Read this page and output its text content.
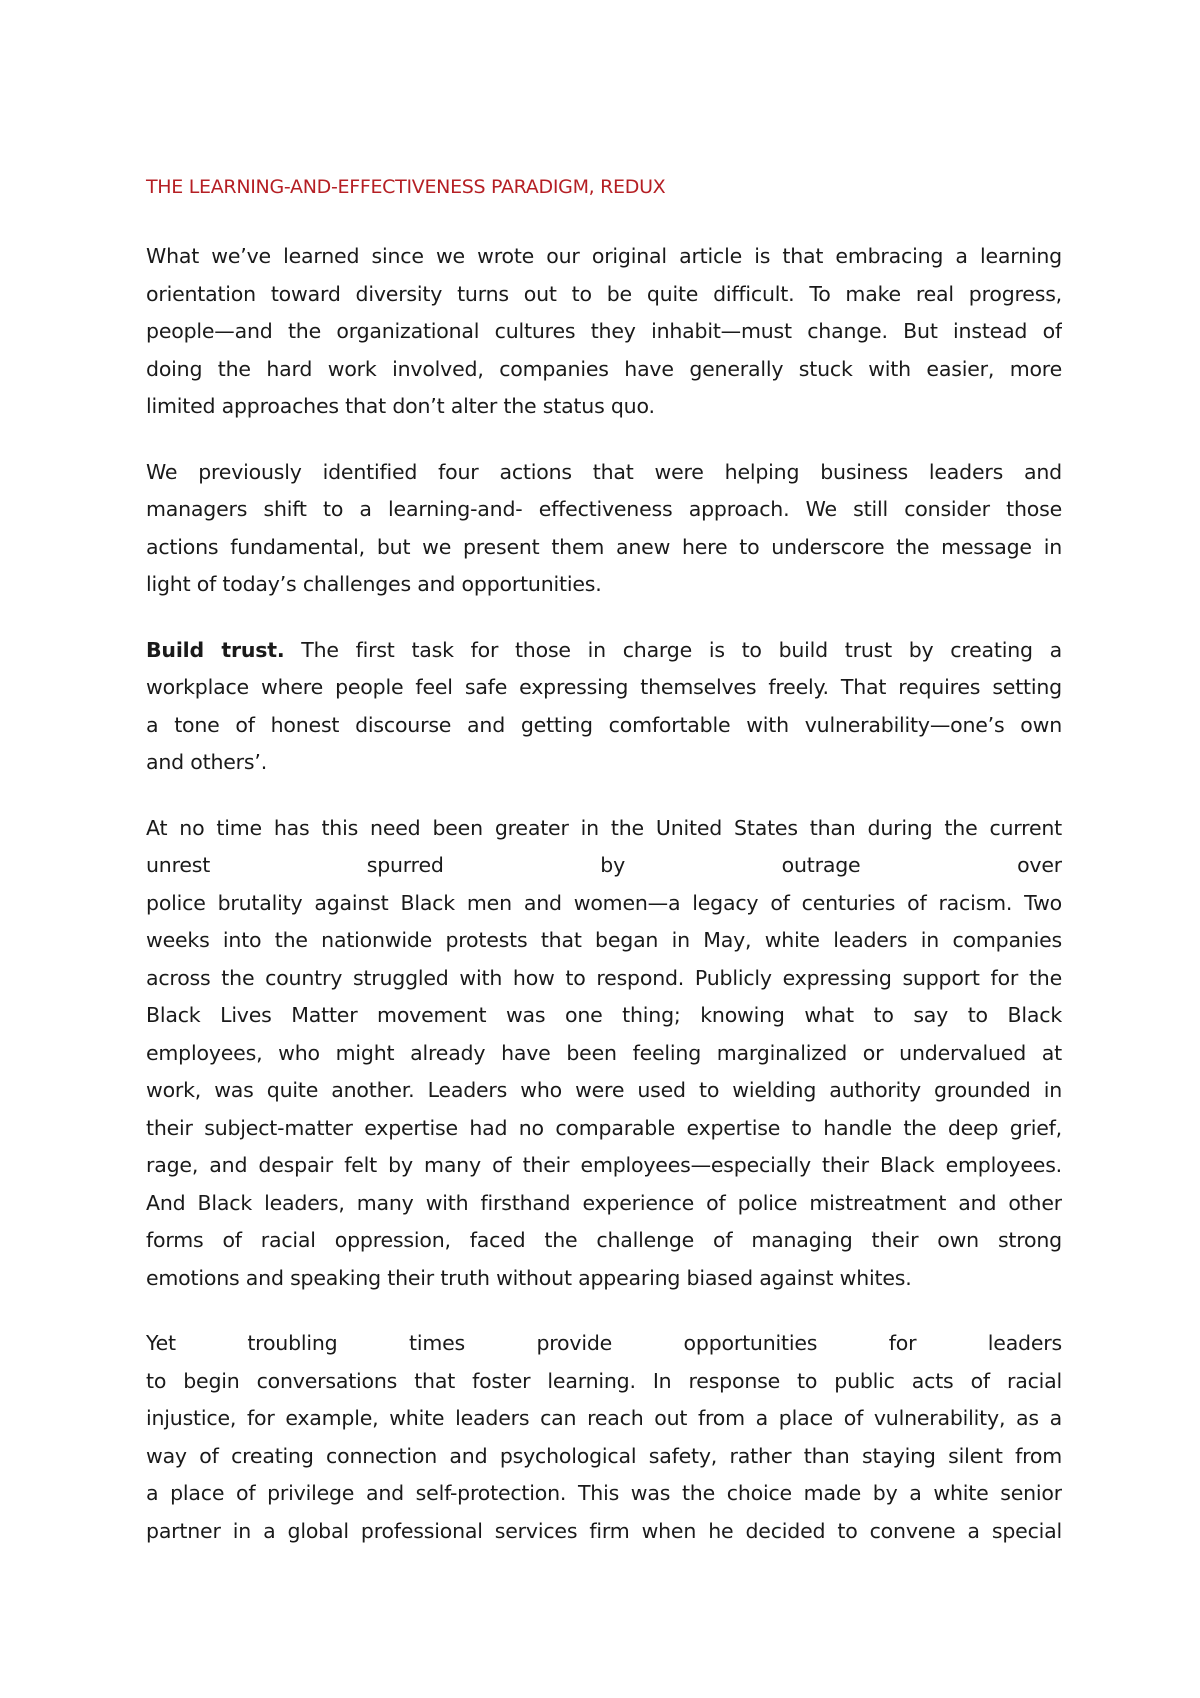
THE LEARNING-AND-EFFECTIVENESS PARADIGM, REDUX
What we’ve learned since we wrote our original article is that embracing a learning
orientation toward diversity turns out to be quite difficult. To make real progress,
people—and the organizational cultures they inhabit—must change. But instead of
doing the hard work involved, companies have generally stuck with easier, more
limited approaches that don’t alter the status quo.
We previously identified four actions that were helping business leaders and
managers shift to a learning-and- effectiveness approach. We still consider those
actions fundamental, but we present them anew here to underscore the message in
light of today’s challenges and opportunities.
Build trust. The first task for those in charge is to build trust by creating a
workplace where people feel safe expressing themselves freely. That requires setting
a tone of honest discourse and getting comfortable with vulnerability—one’s own
and others’.
At no time has this need been greater in the United States than during the current
unrest spurred by outrage over
police brutality against Black men and women—a legacy of centuries of racism. Two
weeks into the nationwide protests that began in May, white leaders in companies
across the country struggled with how to respond. Publicly expressing support for the
Black Lives Matter movement was one thing; knowing what to say to Black
employees, who might already have been feeling marginalized or undervalued at
work, was quite another. Leaders who were used to wielding authority grounded in
their subject-matter expertise had no comparable expertise to handle the deep grief,
rage, and despair felt by many of their employees—especially their Black employees.
And Black leaders, many with firsthand experience of police mistreatment and other
forms of racial oppression, faced the challenge of managing their own strong
emotions and speaking their truth without appearing biased against whites.
Yet troubling times provide opportunities for leaders
to begin conversations that foster learning. In response to public acts of racial
injustice, for example, white leaders can reach out from a place of vulnerability, as a
way of creating connection and psychological safety, rather than staying silent from
a place of privilege and self-protection. This was the choice made by a white senior
partner in a global professional services firm when he decided to convene a special
